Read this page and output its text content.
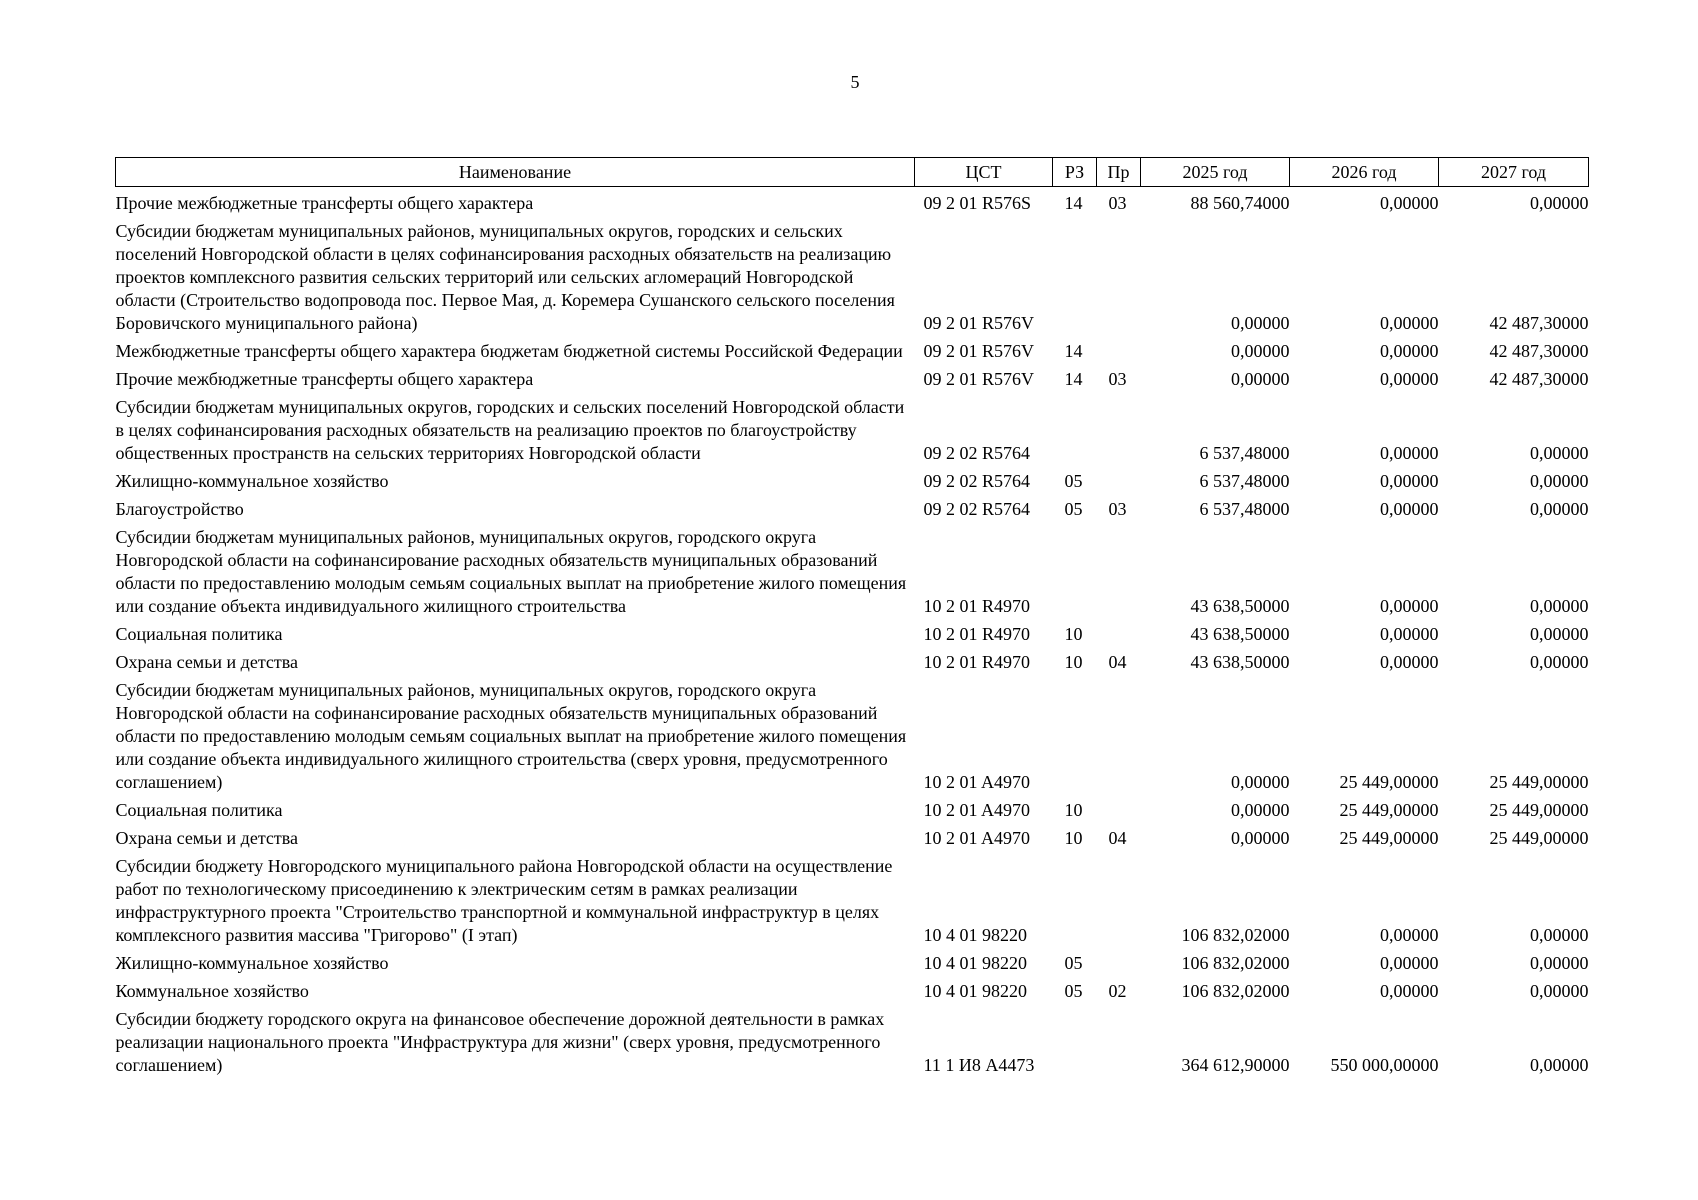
5
Наименование	ЦСТ	РЗ	Пр	2025 год	2026 год	2027 год
Прочие межбюджетные трансферты общего характера	09 2 01 R576S	14	03	88 560,74000	0,00000	0,00000
Субсидии бюджетам муниципальных районов, муниципальных округов, городских и сельских поселений Новгородской области в целях софинансирования расходных обязательств на реализацию проектов комплексного развития сельских территорий или сельских агломераций Новгородской области (Строительство водопровода пос. Первое Мая, д. Коремера Сушанского сельского поселения Боровичского муниципального района)	09 2 01 R576V			0,00000	0,00000	42 487,30000
Межбюджетные трансферты общего характера бюджетам бюджетной системы Российской Федерации	09 2 01 R576V	14		0,00000	0,00000	42 487,30000
Прочие межбюджетные трансферты общего характера	09 2 01 R576V	14	03	0,00000	0,00000	42 487,30000
Субсидии бюджетам муниципальных округов, городских и сельских поселений Новгородской области в целях софинансирования расходных обязательств на реализацию проектов по благоустройству общественных пространств на сельских территориях Новгородской области	09 2 02 R5764			6 537,48000	0,00000	0,00000
Жилищно-коммунальное хозяйство	09 2 02 R5764	05		6 537,48000	0,00000	0,00000
Благоустройство	09 2 02 R5764	05	03	6 537,48000	0,00000	0,00000
Субсидии бюджетам муниципальных районов, муниципальных округов, городского округа Новгородской области на софинансирование расходных обязательств муниципальных образований области по предоставлению молодым семьям социальных выплат на приобретение жилого помещения или создание объекта индивидуального жилищного строительства	10 2 01 R4970			43 638,50000	0,00000	0,00000
Социальная политика	10 2 01 R4970	10		43 638,50000	0,00000	0,00000
Охрана семьи и детства	10 2 01 R4970	10	04	43 638,50000	0,00000	0,00000
Субсидии бюджетам муниципальных районов, муниципальных округов, городского округа Новгородской области на софинансирование расходных обязательств муниципальных образований области по предоставлению молодым семьям социальных выплат на приобретение жилого помещения или создание объекта индивидуального жилищного строительства (сверх уровня, предусмотренного соглашением)	10 2 01 A4970			0,00000	25 449,00000	25 449,00000
Социальная политика	10 2 01 A4970	10		0,00000	25 449,00000	25 449,00000
Охрана семьи и детства	10 2 01 A4970	10	04	0,00000	25 449,00000	25 449,00000
Субсидии бюджету Новгородского муниципального района Новгородской области на осуществление работ по технологическому присоединению к электрическим сетям в рамках реализации инфраструктурного проекта "Строительство транспортной и коммунальной инфраструктур в целях комплексного развития массива "Григорово" (I этап)	10 4 01 98220			106 832,02000	0,00000	0,00000
Жилищно-коммунальное хозяйство	10 4 01 98220	05		106 832,02000	0,00000	0,00000
Коммунальное хозяйство	10 4 01 98220	05	02	106 832,02000	0,00000	0,00000
Субсидии бюджету городского округа на финансовое обеспечение дорожной деятельности в рамках реализации национального проекта "Инфраструктура для жизни" (сверх уровня, предусмотренного соглашением)	11 1 И8 A4473			364 612,90000	550 000,00000	0,00000
